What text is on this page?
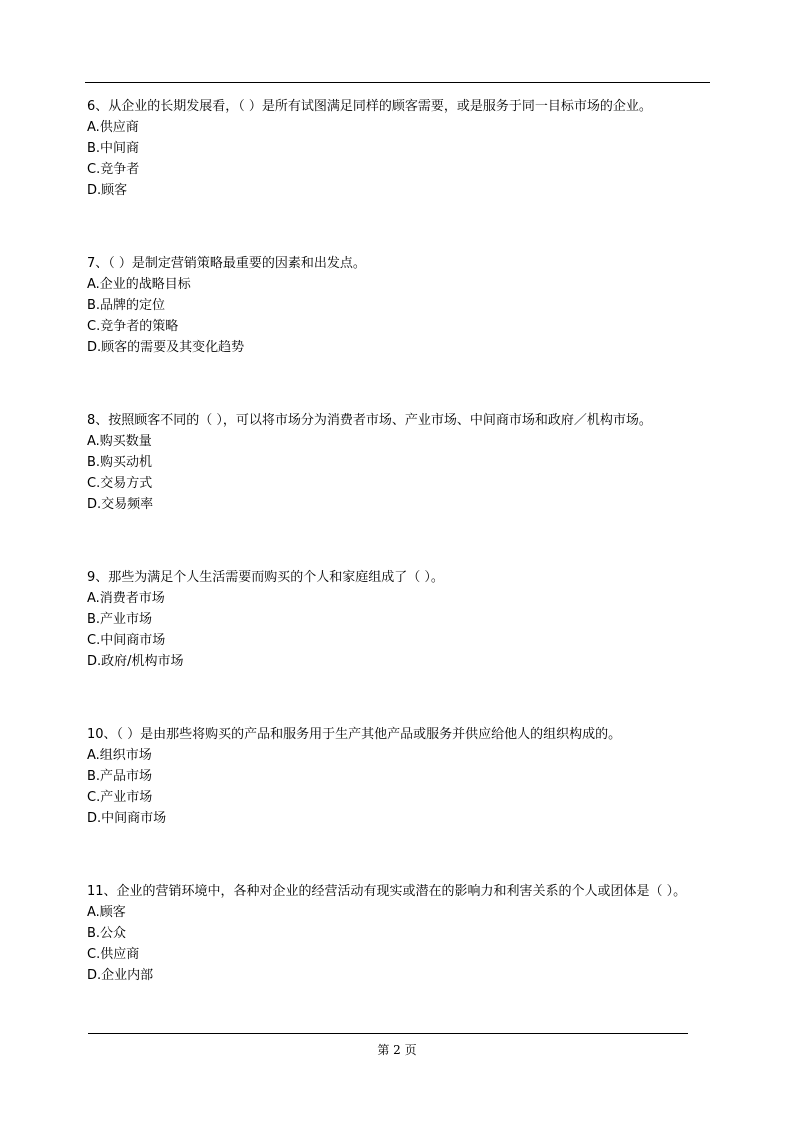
6、从企业的长期发展看，（ ）是所有试图满足同样的顾客需要，或是服务于同一目标市场的企业。

A.供应商

B.中间商

C.竞争者

D.顾客

7、（ ）是制定营销策略最重要的因素和出发点。

A.企业的战略目标

B.品牌的定位

C.竞争者的策略

D.顾客的需要及其变化趋势

8、按照顾客不同的（ ），可以将市场分为消费者市场、产业市场、中间商市场和政府／机构市场。

A.购买数量

B.购买动机

C.交易方式

D.交易频率

9、那些为满足个人生活需要而购买的个人和家庭组成了（ ）。

A.消费者市场

B.产业市场

C.中间商市场

D.政府/机构市场

10、（ ）是由那些将购买的产品和服务用于生产其他产品或服务并供应给他人的组织构成的。

A.组织市场

B.产品市场

C.产业市场

D.中间商市场

11、企业的营销环境中，各种对企业的经营活动有现实或潜在的影响力和利害关系的个人或团体是（ ）。

A.顾客

B.公众

C.供应商

D.企业内部

第 2 页
